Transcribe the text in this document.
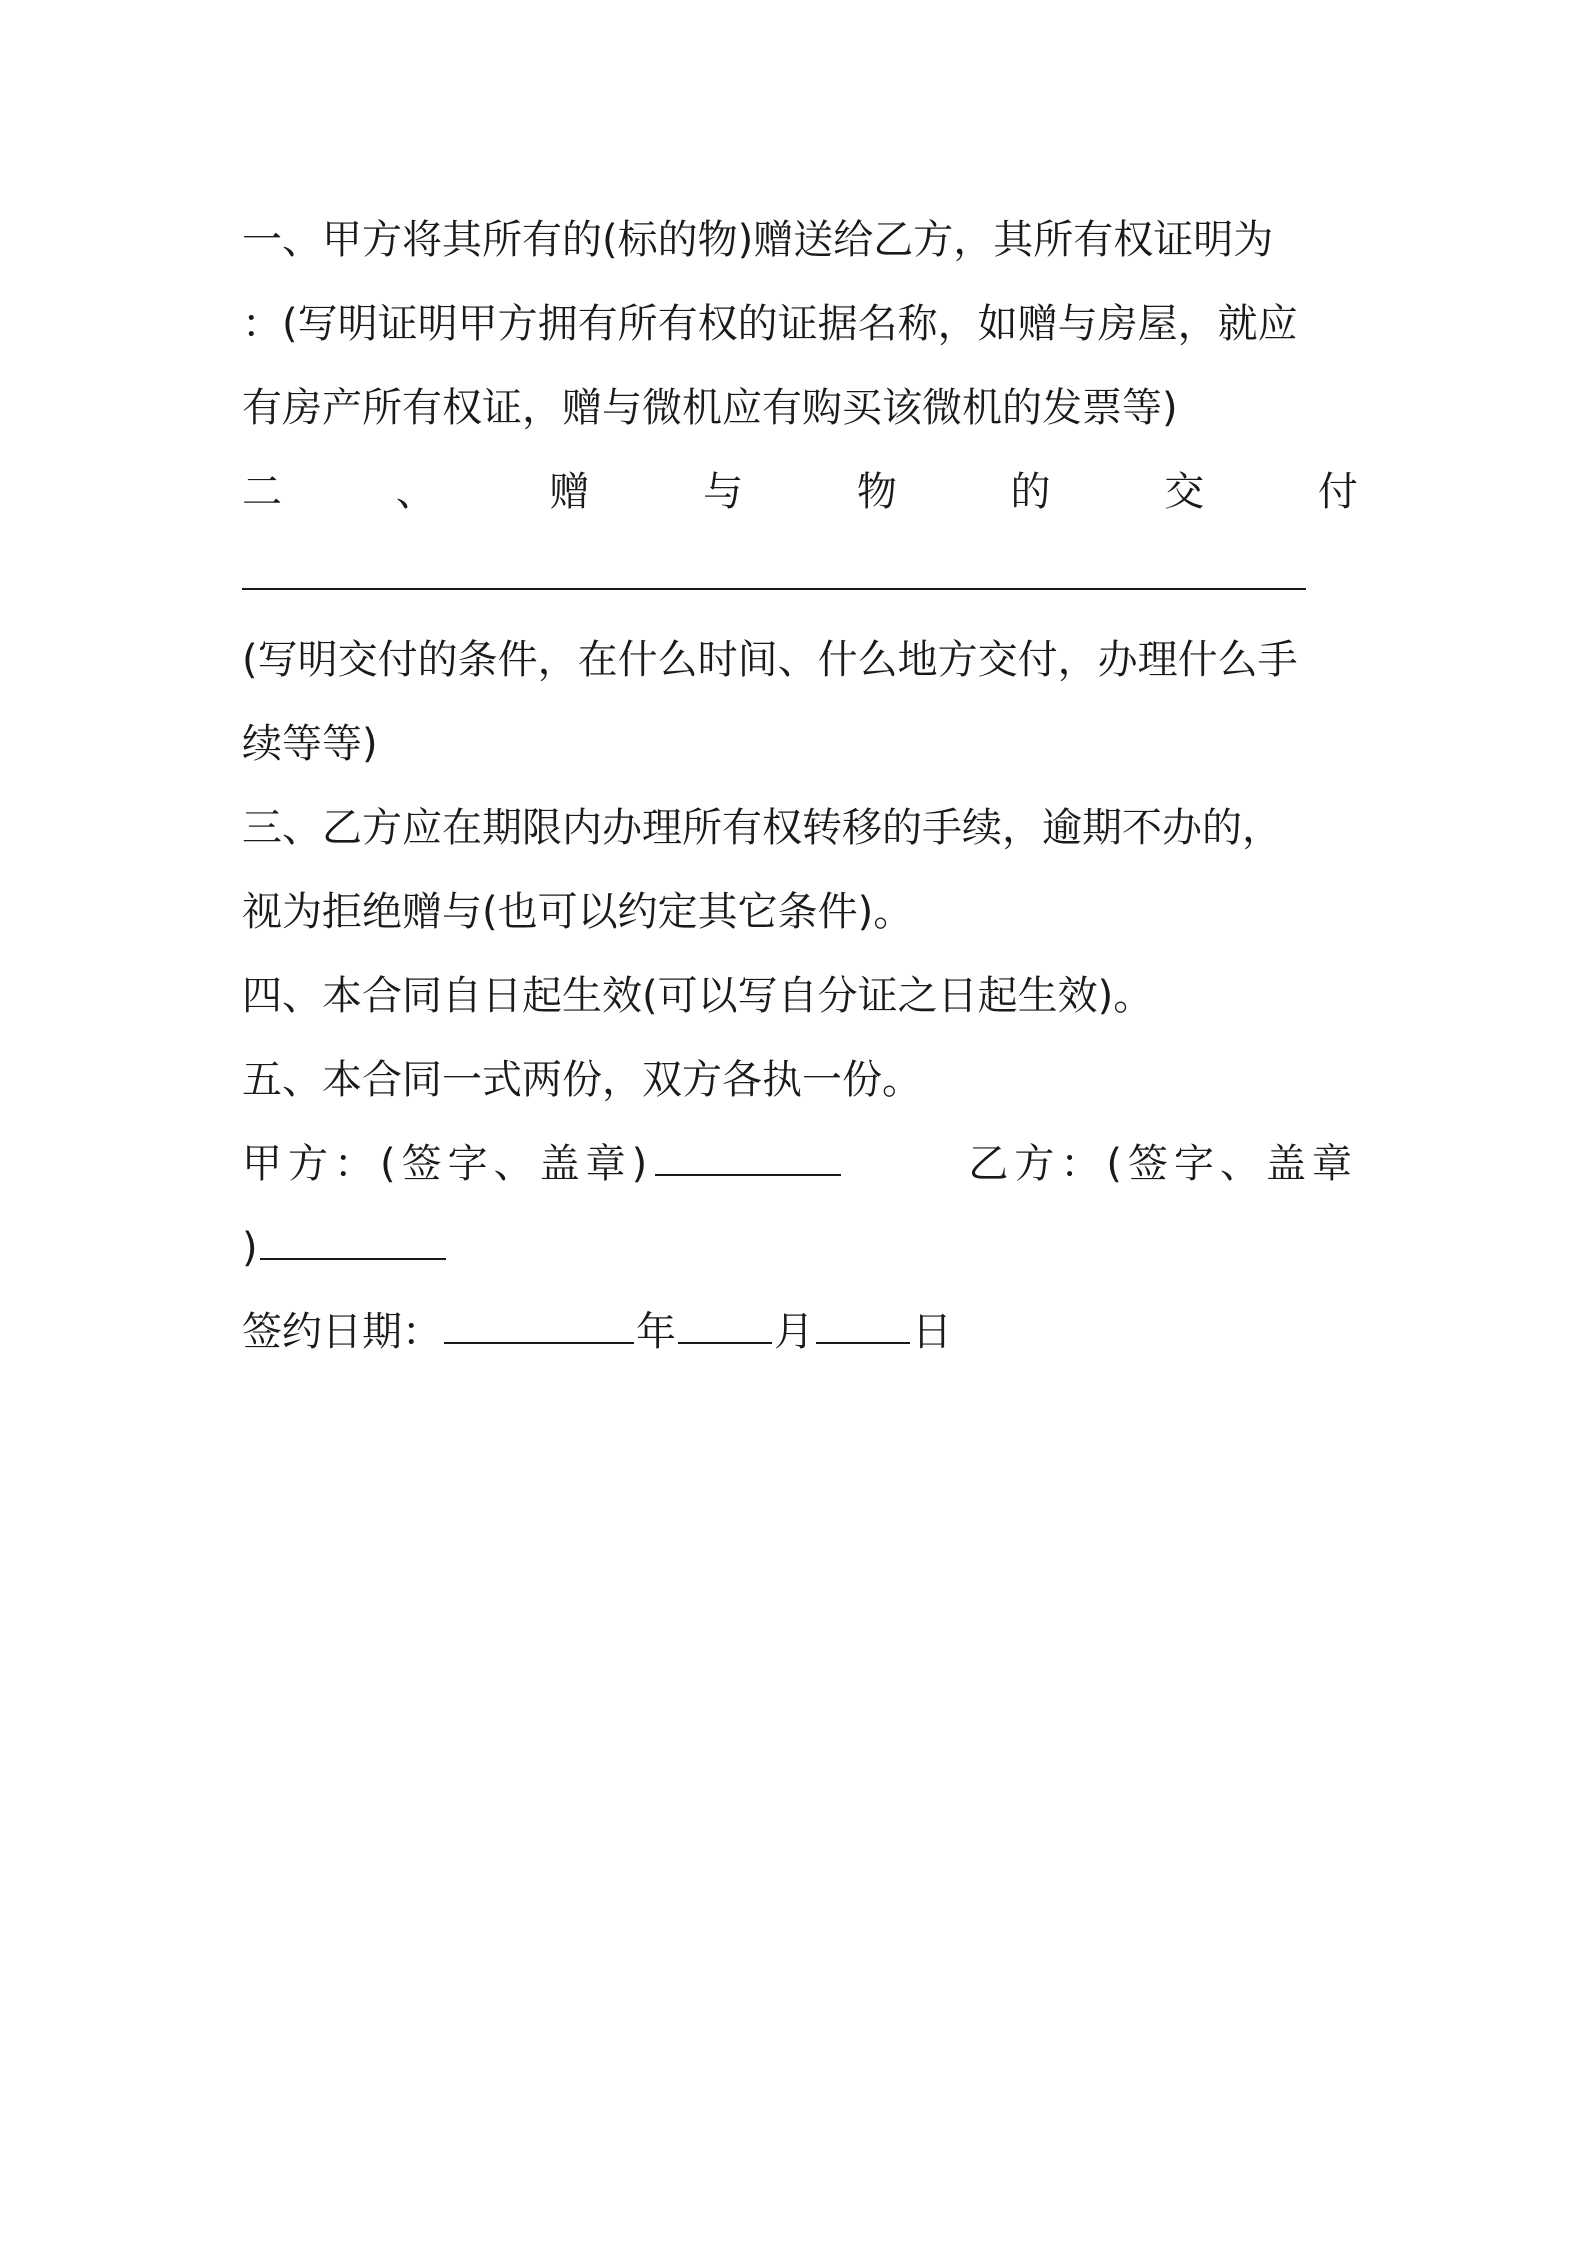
一、甲方将其所有的(标的物)赠送给乙方，其所有权证明为
：(写明证明甲方拥有所有权的证据名称，如赠与房屋，就应
有房产所有权证，赠与微机应有购买该微机的发票等)
二	、	赠	与	物	的	交	付
(写明交付的条件，在什么时间、什么地方交付，办理什么手
续等等)
三、乙方应在期限内办理所有权转移的手续，逾期不办的，
视为拒绝赠与(也可以约定其它条件)。
四、本合同自日起生效(可以写自分证之日起生效)。
五、本合同一式两份，双方各执一份。
甲方：(签字、盖章)	乙方：(签字、盖章
)
签约日期：	年 月 日
